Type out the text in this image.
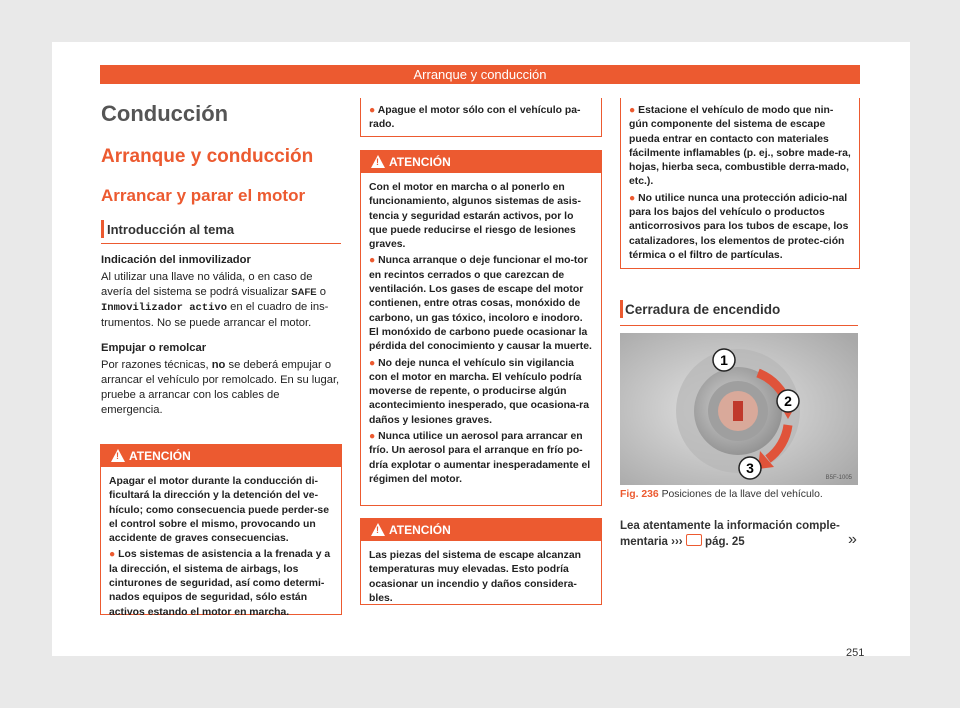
Arranque y conducción
Conducción
Arranque y conducción
Arrancar y parar el motor
Introducción al tema
Indicación del inmovilizador
Al utilizar una llave no válida, o en caso de avería del sistema se podrá visualizar SAFE o Inmovilizador activo en el cuadro de ins-trumentos. No se puede arrancar el motor.
Empujar o remolcar
Por razones técnicas, no se deberá empujar o arrancar el vehículo por remolcado. En su lugar, pruebe a arrancar con los cables de emergencia.
!
ATENCIÓN
Apagar el motor durante la conducción di-ficultará la dirección y la detención del ve-hículo; como consecuencia puede perder-se el control sobre el mismo, provocando un accidente de graves consecuencias.
● Los sistemas de asistencia a la frenada y a la dirección, el sistema de airbags, los cinturones de seguridad, así como determi-nados equipos de seguridad, sólo están activos estando el motor en marcha.
● Apague el motor sólo con el vehículo pa-rado.
!
ATENCIÓN
Con el motor en marcha o al ponerlo en funcionamiento, algunos sistemas de asis-tencia y seguridad estarán activos, por lo que puede reducirse el riesgo de lesiones graves.
● Nunca arranque o deje funcionar el mo-tor en recintos cerrados o que carezcan de ventilación. Los gases de escape del motor contienen, entre otras cosas, monóxido de carbono, un gas tóxico, incoloro e inodoro. El monóxido de carbono puede ocasionar la pérdida del conocimiento y causar la muerte.
● No deje nunca el vehículo sin vigilancia con el motor en marcha. El vehículo podría moverse de repente, o producirse algún acontecimiento inesperado, que ocasiona-ra daños y lesiones graves.
● Nunca utilice un aerosol para arrancar en frío. Un aerosol para el arranque en frío po-dría explotar o aumentar inesperadamente el régimen del motor.
!
ATENCIÓN
Las piezas del sistema de escape alcanzan temperaturas muy elevadas. Esto podría ocasionar un incendio y daños considera-bles.
● Estacione el vehículo de modo que nin-gún componente del sistema de escape pueda entrar en contacto con materiales fácilmente inflamables (p. ej., sobre made-ra, hojas, hierba seca, combustible derra-mado, etc.).
● No utilice nunca una protección adicio-nal para los bajos del vehículo o productos anticorrosivos para los tubos de escape, los catalizadores, los elementos de protec-ción térmica o el filtro de partículas.
Cerradura de encendido
1
2
3
B5F-1005
Fig. 236 Posiciones de la llave del vehículo.
Lea atentamente la información comple-mentaria ››› pág. 25	»
251
